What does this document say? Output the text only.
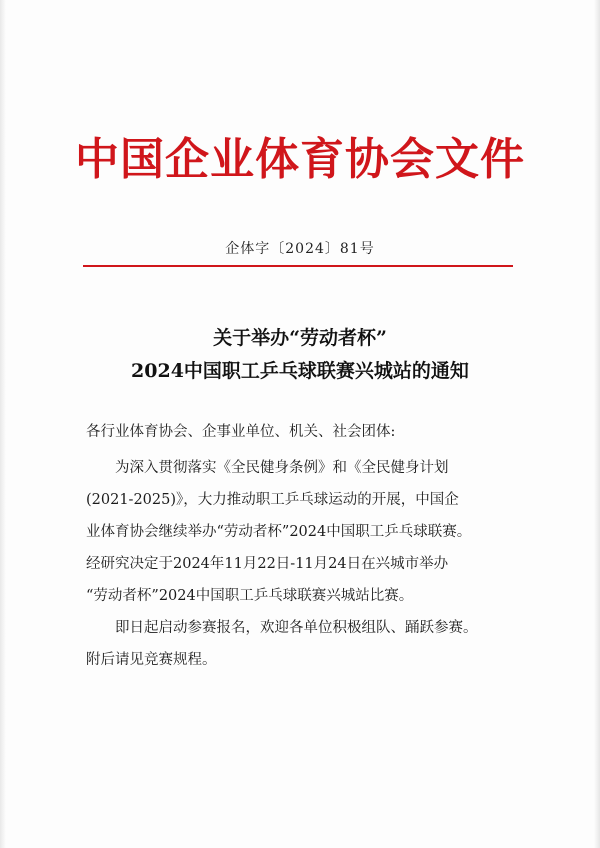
中国企业体育协会文件
企体字〔2024〕81号
关于举办“劳动者杯”
2024中国职工乒乓球联赛兴城站的通知
各行业体育协会、企事业单位、机关、社会团体:
为深入贯彻落实《全民健身条例》和《全民健身计划
(2021-2025)》，大力推动职工乒乓球运动的开展，中国企
业体育协会继续举办“劳动者杯”2024中国职工乒乓球联赛。
经研究决定于2024年11月22日-11月24日在兴城市举办
“劳动者杯”2024中国职工乒乓球联赛兴城站比赛。
即日起启动参赛报名，欢迎各单位积极组队、踊跃参赛。
附后请见竞赛规程。
